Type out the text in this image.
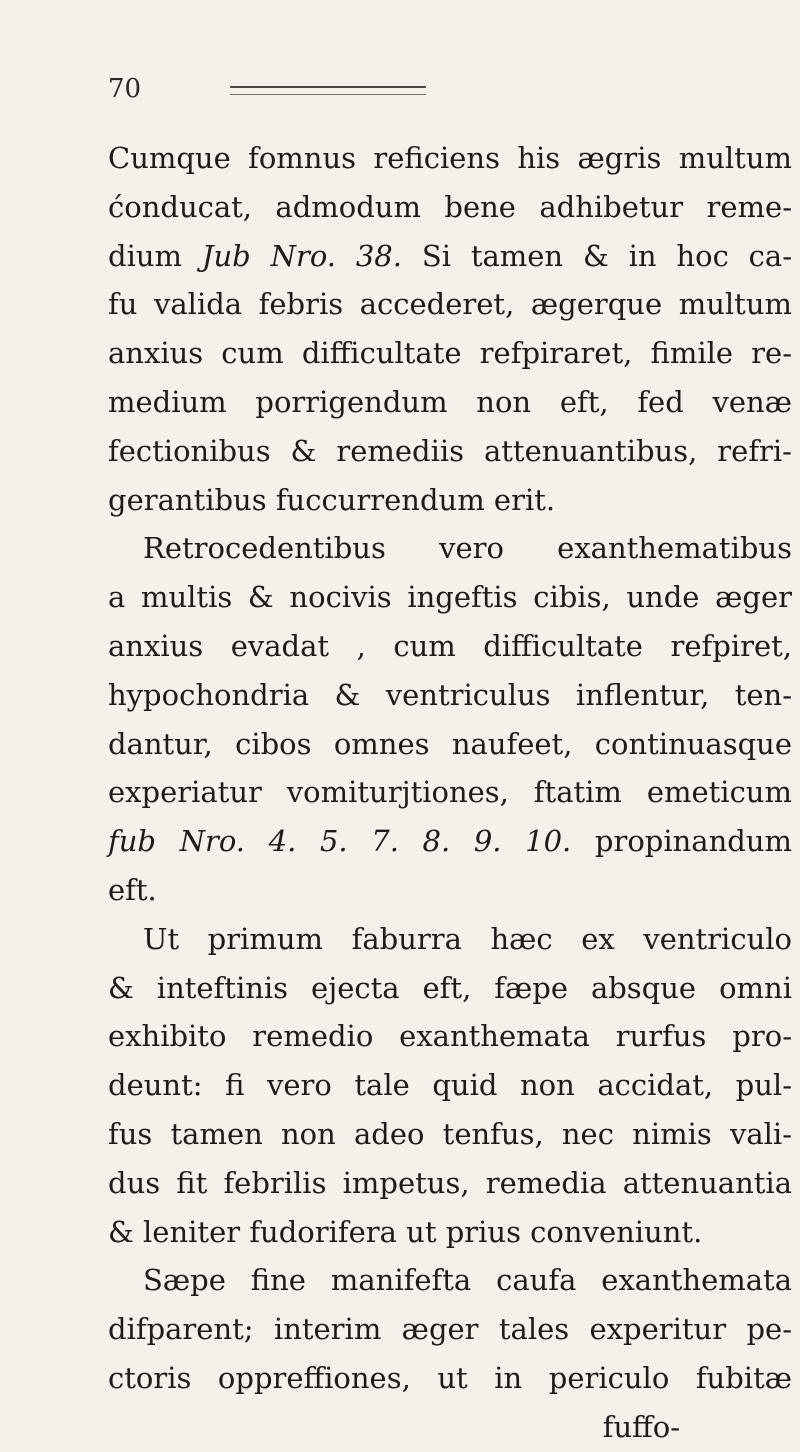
70
Cumque fomnus reficiens his ægris multum
ćonducat, admodum bene adhibetur reme-
dium Jub Nro. 38. Si tamen & in hoc ca-
fu valida febris accederet, ægerque multum
anxius cum difficultate refpiraret, fimile re-
medium porrigendum non eft, fed venæ
fectionibus & remediis attenuantibus, refri-
gerantibus fuccurrendum erit.
Retrocedentibus vero exanthematibus
a multis & nocivis ingeftis cibis, unde æger
anxius evadat , cum difficultate refpiret,
hypochondria & ventriculus inflentur, ten-
dantur, cibos omnes naufeet, continuasque
experiatur vomiturjtiones, ftatim emeticum
fub Nro. 4. 5. 7. 8. 9. 10. propinandum
eft.
Ut primum faburra hæc ex ventriculo
& inteftinis ejecta eft, fæpe absque omni
exhibito remedio exanthemata rurfus pro-
deunt: fi vero tale quid non accidat, pul-
fus tamen non adeo tenfus, nec nimis vali-
dus fit febrilis impetus, remedia attenuantia
& leniter fudorifera ut prius conveniunt.
Sæpe fine manifefta caufa exanthemata
difparent; interim æger tales experitur pe-
ctoris oppreffiones, ut in periculo fubitæ
fuffo-
